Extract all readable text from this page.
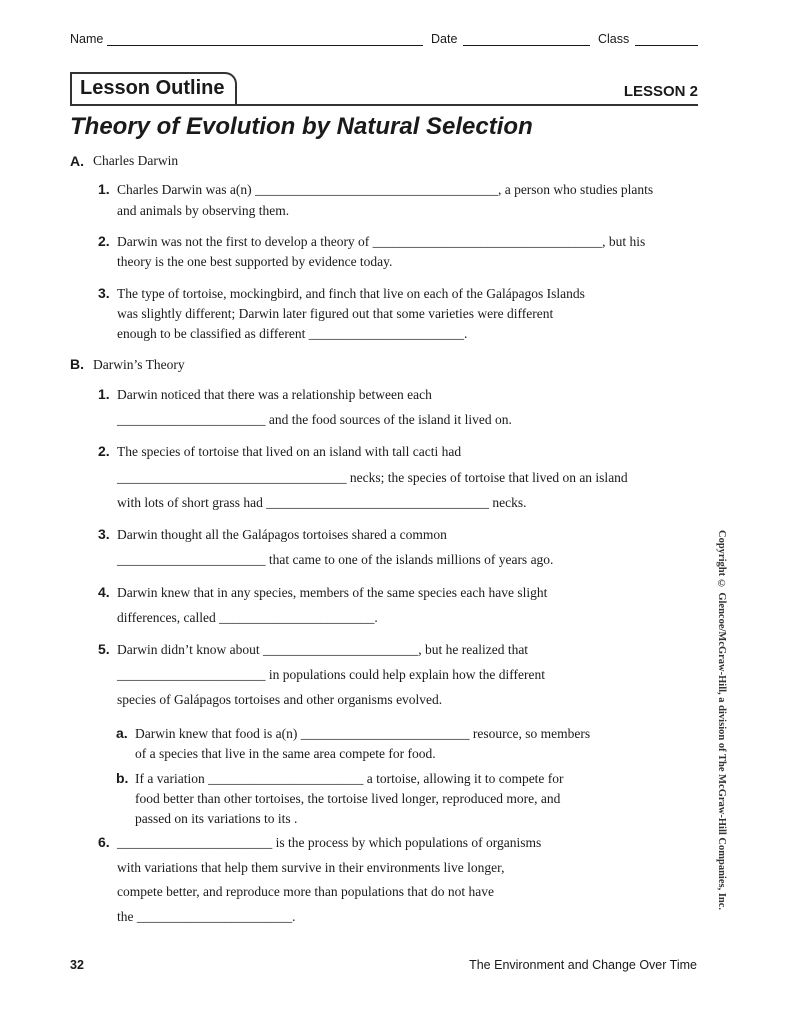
Name	Date	Class
Lesson Outline	LESSON 2
Theory of Evolution by Natural Selection
A. Charles Darwin
1. Charles Darwin was a(n) ____________________________________, a person who studies plants
and animals by observing them.
2. Darwin was not the first to develop a theory of __________________________________, but his
theory is the one best supported by evidence today.
3. The type of tortoise, mockingbird, and finch that live on each of the Galápagos Islands
was slightly different; Darwin later figured out that some varieties were different
enough to be classified as different _______________________.
B. Darwin’s Theory
1. Darwin noticed that there was a relationship between each
______________________ and the food sources of the island it lived on.
2. The species of tortoise that lived on an island with tall cacti had
__________________________________ necks; the species of tortoise that lived on an island
with lots of short grass had _________________________________ necks.
3. Darwin thought all the Galápagos tortoises shared a common
______________________ that came to one of the islands millions of years ago.
4. Darwin knew that in any species, members of the same species each have slight
differences, called _______________________.
5. Darwin didn’t know about _______________________, but he realized that
______________________ in populations could help explain how the different
species of Galápagos tortoises and other organisms evolved.
a. Darwin knew that food is a(n) _________________________ resource, so members
of a species that live in the same area compete for food.
b. If a variation _______________________ a tortoise, allowing it to compete for
food better than other tortoises, the tortoise lived longer, reproduced more, and
passed on its variations to its .
6. _______________________ is the process by which populations of organisms
with variations that help them survive in their environments live longer,
compete better, and reproduce more than populations that do not have
the _______________________.
Copyright © Glencoe/McGraw-Hill, a division of The McGraw-Hill Companies, Inc.
32	The Environment and Change Over Time
